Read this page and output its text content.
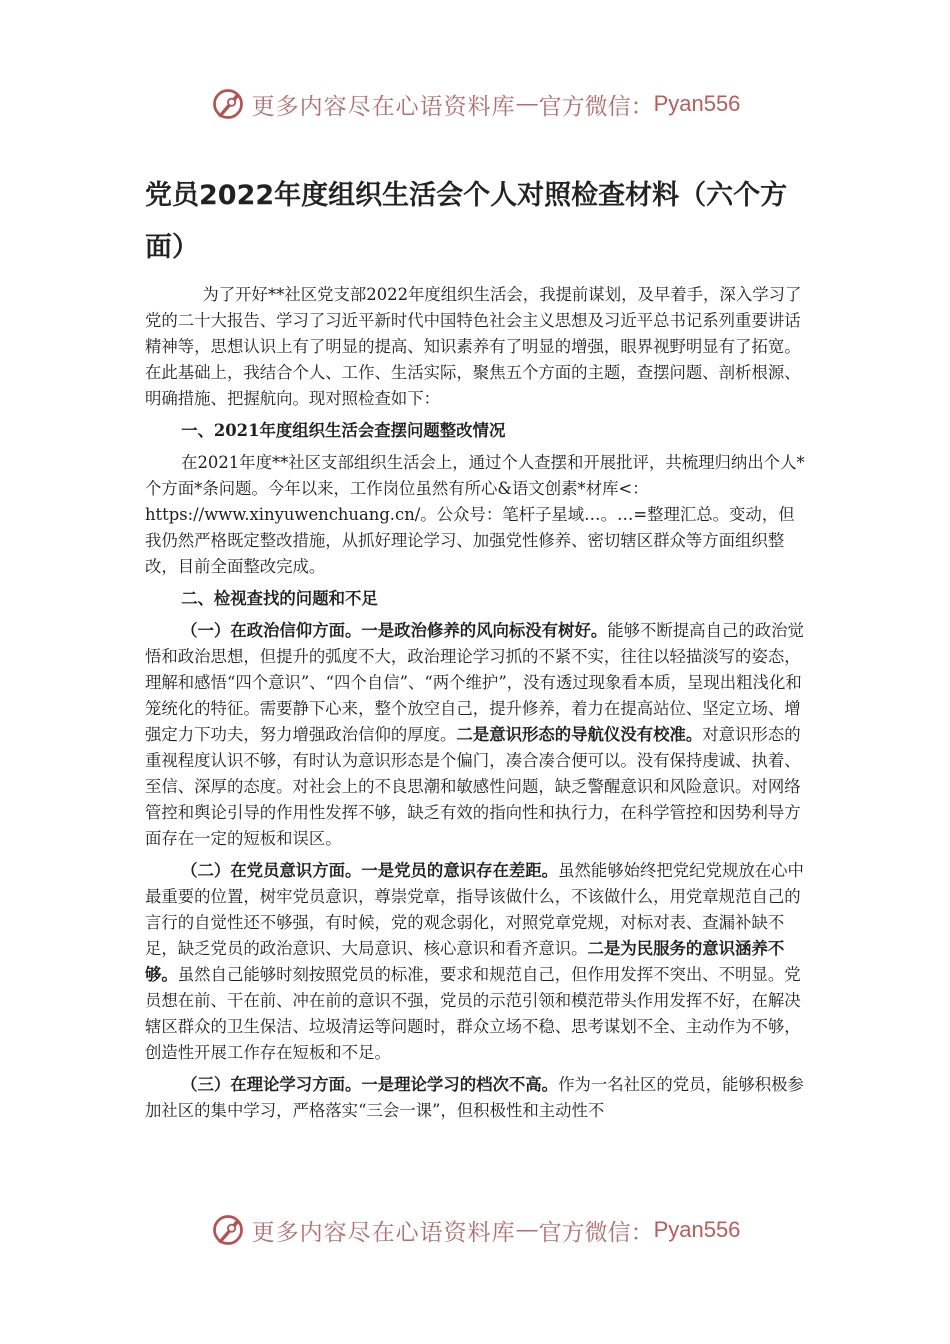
更多内容尽在心语资料库 — 官方微信： Pyan556
党员2022年度组织生活会个人对照检查材料（六个方面）

为了开好**社区党支部2022年度组织生活会，我提前谋划，及早着手，深入学习了党的二十大报告、学习了习近平新时代中国特色社会主义思想及习近平总书记系列重要讲话精神等，思想认识上有了明显的提高、知识素养有了明显的增强，眼界视野明显有了拓宽。在此基础上，我结合个人、工作、生活实际，聚焦五个方面的主题，查摆问题、剖析根源、明确措施、把握航向。现对照检查如下：

一、2021年度组织生活会查摆问题整改情况

在2021年度**社区支部组织生活会上，通过个人查摆和开展批评，共梳理归纳出个人*个方面*条问题。今年以来，工作岗位虽然有所心&语文创素*材库<：https://www.xinyuwenchuang.cn/。公众号：笔杆子星域…。…=整理汇总。变动，但我仍然严格既定整改措施，从抓好理论学习、加强党性修养、密切辖区群众等方面组织整改，目前全面整改完成。

二、检视查找的问题和不足

（一）在政治信仰方面。一是政治修养的风向标没有树好。能够不断提高自己的政治觉悟和政治思想，但提升的弧度不大，政治理论学习抓的不紧不实，往往以轻描淡写的姿态，理解和感悟“四个意识”、“四个自信”、“两个维护”，没有透过现象看本质，呈现出粗浅化和笼统化的特征。需要静下心来，整个放空自己，提升修养，着力在提高站位、坚定立场、增强定力下功夫，努力增强政治信仰的厚度。二是意识形态的导航仪没有校准。对意识形态的重视程度认识不够，有时认为意识形态是个偏门，凑合凑合便可以。没有保持虔诚、执着、至信、深厚的态度。对社会上的不良思潮和敏感性问题，缺乏警醒意识和风险意识。对网络管控和舆论引导的作用性发挥不够，缺乏有效的指向性和执行力，在科学管控和因势利导方面存在一定的短板和误区。

（二）在党员意识方面。一是党员的意识存在差距。虽然能够始终把党纪党规放在心中最重要的位置，树牢党员意识，尊崇党章，指导该做什么，不该做什么，用党章规范自己的言行的自觉性还不够强，有时候，党的观念弱化，对照党章党规，对标对表、查漏补缺不足，缺乏党员的政治意识、大局意识、核心意识和看齐意识。二是为民服务的意识涵养不够。虽然自己能够时刻按照党员的标准，要求和规范自己，但作用发挥不突出、不明显。党员想在前、干在前、冲在前的意识不强，党员的示范引领和模范带头作用发挥不好，在解决辖区群众的卫生保洁、垃圾清运等问题时，群众立场不稳、思考谋划不全、主动作为不够，创造性开展工作存在短板和不足。

（三）在理论学习方面。一是理论学习的档次不高。作为一名社区的党员，能够积极参加社区的集中学习，严格落实“三会一课”，但积极性和主动性不

更多内容尽在心语资料库 — 官方微信： Pyan556
